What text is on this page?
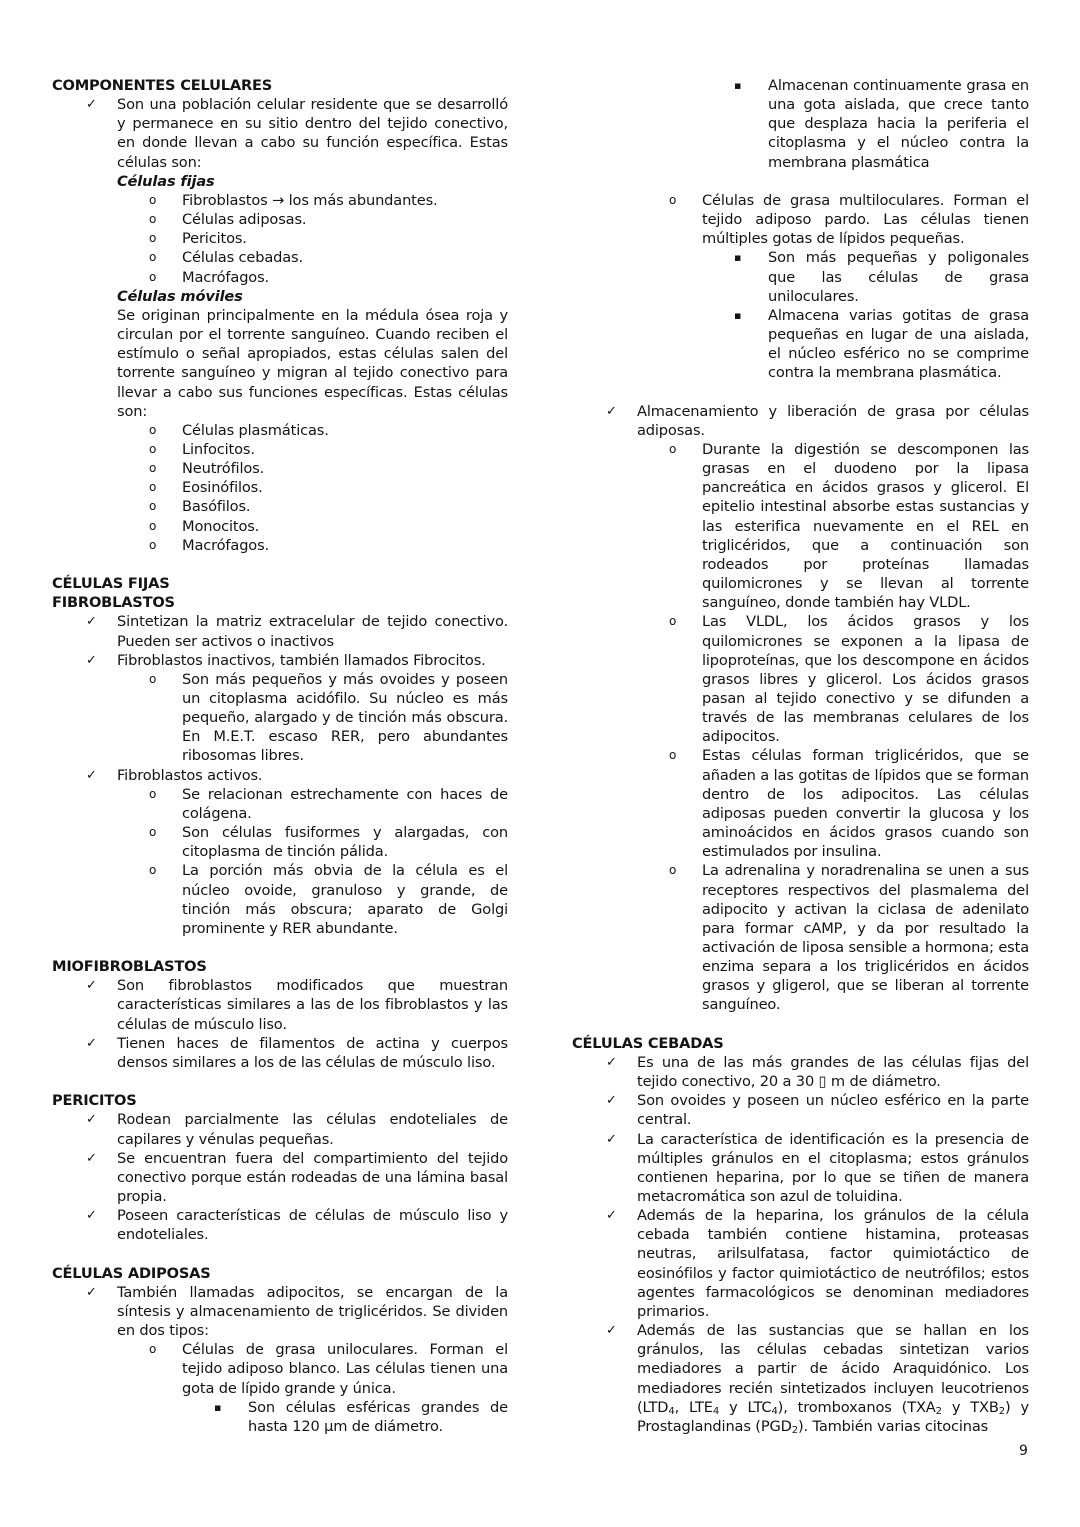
COMPONENTES CELULARES
✓ Son una población celular residente que se desarrolló y permanece en su sitio dentro del tejido conectivo, en donde llevan a cabo su función específica. Estas células son:
Células fijas
o Fibroblastos → los más abundantes.
o Células adiposas.
o Pericitos.
o Células cebadas.
o Macrófagos.
Células móviles
Se originan principalmente en la médula ósea roja y circulan por el torrente sanguíneo. Cuando reciben el estímulo o señal apropiados, estas células salen del torrente sanguíneo y migran al tejido conectivo para llevar a cabo sus funciones específicas. Estas células son:
o Células plasmáticas.
o Linfocitos.
o Neutrófilos.
o Eosinófilos.
o Basófilos.
o Monocitos.
o Macrófagos.
CÉLULAS FIJAS
FIBROBLASTOS
✓ Sintetizan la matriz extracelular de tejido conectivo. Pueden ser activos o inactivos
✓ Fibroblastos inactivos, también llamados Fibrocitos.
o Son más pequeños y más ovoides y poseen un citoplasma acidófilo. Su núcleo es más pequeño, alargado y de tinción más obscura. En M.E.T. escaso RER, pero abundantes ribosomas libres.
✓ Fibroblastos activos.
o Se relacionan estrechamente con haces de colágena.
o Son células fusiformes y alargadas, con citoplasma de tinción pálida.
o La porción más obvia de la célula es el núcleo ovoide, granuloso y grande, de tinción más obscura; aparato de Golgi prominente y RER abundante.
MIOFIBROBLASTOS
✓ Son fibroblastos modificados que muestran características similares a las de los fibroblastos y las células de músculo liso.
✓ Tienen haces de filamentos de actina y cuerpos densos similares a los de las células de músculo liso.
PERICITOS
✓ Rodean parcialmente las células endoteliales de capilares y vénulas pequeñas.
✓ Se encuentran fuera del compartimiento del tejido conectivo porque están rodeadas de una lámina basal propia.
✓ Poseen características de células de músculo liso y endoteliales.
CÉLULAS ADIPOSAS
✓ También llamadas adipocitos, se encargan de la síntesis y almacenamiento de triglicéridos. Se dividen en dos tipos:
o Células de grasa uniloculares. Forman el tejido adiposo blanco. Las células tienen una gota de lípido grande y única.
▪ Son células esféricas grandes de hasta 120 µm de diámetro.
▪ Almacenan continuamente grasa en una gota aislada, que crece tanto que desplaza hacia la periferia el citoplasma y el núcleo contra la membrana plasmática
o Células de grasa multiloculares. Forman el tejido adiposo pardo. Las células tienen múltiples gotas de lípidos pequeñas.
▪ Son más pequeñas y poligonales que las células de grasa uniloculares.
▪ Almacena varias gotitas de grasa pequeñas en lugar de una aislada, el núcleo esférico no se comprime contra la membrana plasmática.
✓ Almacenamiento y liberación de grasa por células adiposas.
o Durante la digestión se descomponen las grasas en el duodeno por la lipasa pancreática en ácidos grasos y glicerol. El epitelio intestinal absorbe estas sustancias y las esterifica nuevamente en el REL en triglicéridos, que a continuación son rodeados por proteínas llamadas quilomicrones y se llevan al torrente sanguíneo, donde también hay VLDL.
o Las VLDL, los ácidos grasos y los quilomicrones se exponen a la lipasa de lipoproteínas, que los descompone en ácidos grasos libres y glicerol. Los ácidos grasos pasan al tejido conectivo y se difunden a través de las membranas celulares de los adipocitos.
o Estas células forman triglicéridos, que se añaden a las gotitas de lípidos que se forman dentro de los adipocitos. Las células adiposas pueden convertir la glucosa y los aminoácidos en ácidos grasos cuando son estimulados por insulina.
o La adrenalina y noradrenalina se unen a sus receptores respectivos del plasmalema del adipocito y activan la ciclasa de adenilato para formar cAMP, y da por resultado la activación de liposa sensible a hormona; esta enzima separa a los triglicéridos en ácidos grasos y gligerol, que se liberan al torrente sanguíneo.
CÉLULAS CEBADAS
✓ Es una de las más grandes de las células fijas del tejido conectivo, 20 a 30 ▯ m de diámetro.
✓ Son ovoides y poseen un núcleo esférico en la parte central.
✓ La característica de identificación es la presencia de múltiples gránulos en el citoplasma; estos gránulos contienen heparina, por lo que se tiñen de manera metacromática son azul de toluidina.
✓ Además de la heparina, los gránulos de la célula cebada también contiene histamina, proteasas neutras, arilsulfatasa, factor quimiotáctico de eosinófilos y factor quimiotáctico de neutrófilos; estos agentes farmacológicos se denominan mediadores primarios.
✓ Además de las sustancias que se hallan en los gránulos, las células cebadas sintetizan varios mediadores a partir de ácido Araquidónico. Los mediadores recién sintetizados incluyen leucotrienos ($LTD_4$, $LTE_4$ y $LTC_4$), tromboxanos ($TXA_2$ y $TXB_2$) y Prostaglandinas $(PGD_2)$. También varias citocinas
9
